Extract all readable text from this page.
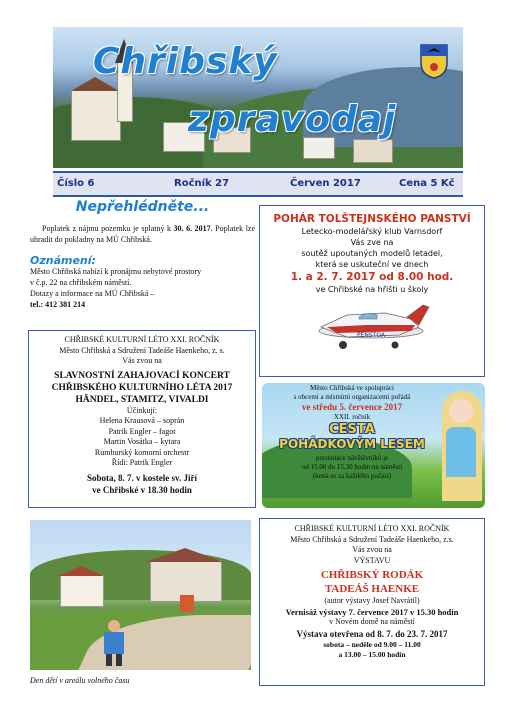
Chřibský
zpravodaj
Číslo 6	Ročník 27	Červen 2017	Cena 5 Kč
Nepřehlédněte...
Poplatek z nájmu pozemku je splatný k 30. 6. 2017. Poplatek lze uhradit do pokladny na MÚ Chřibská.
Oznámení:
Město Chřibská nabízí k pronájmu nebytové prostory
v č.p. 22 na chřibském náměstí.
Dotazy a informace na MÚ Chřibská –
tel.: 412 381 214
CHŘIBSKÉ KULTURNÍ LÉTO XXI. ROČNÍK
Město Chřibská a Sdružení Tadeáše Haenkeho, z. s.
Vás zvou na
SLAVNOSTNÍ ZAHAJOVACÍ KONCERT
CHŘIBSKÉHO KULTURNÍHO LÉTA 2017
HÄNDEL, STAMITZ, VIVALDI
Účinkují:
Helena Krausová – soprán
Patrik Engler – fagot
Martin Vosátka – kytara
Rumburský komorní orchestr
Řídí: Patrik Engler
Sobota, 8. 7. v kostele sv. Jiří
ve Chřibské v 18.30 hodin
Den dětí v areálu volného času
POHÁR TOLŠTEJNSKÉHO PANSTVÍ
Letecko-modelářský klub Varnsdorf
Vás zve na
soutěž upoutaných modelů letadel,
která se uskuteční ve dnech
1. a 2. 7. 2017 od 8.00 hod.
ve Chřibské na hřišti u školy
PENSTOA
Město Chřibská ve spolupráci
s obcemi a místními organizacemi pořádá
ve středu 5. července 2017
XXII. ročník
CESTA
POHÁDKOVÝM LESEM
prezentace návštěvníků je
od 15.00 do 15.30 hodin na náměstí
(koná se za každého počasí)
CHŘIBSKÉ KULTURNÍ LÉTO XXI. ROČNÍK
Město Chřibská a Sdružení Tadeáše Haenkeho, z.s.
Vás zvou na
VÝSTAVU
CHŘIBSKÝ RODÁK
TADEÁŠ HAENKE
(autor výstavy Josef Navrátil)
Vernisáž výstavy 7. července 2017 v 15.30 hodin
v Novém domě na náměstí
Výstava otevřena od 8. 7. do 23. 7. 2017
sobota – neděle od 9.00 – 11.00
a 13.00 – 15.00 hodin
